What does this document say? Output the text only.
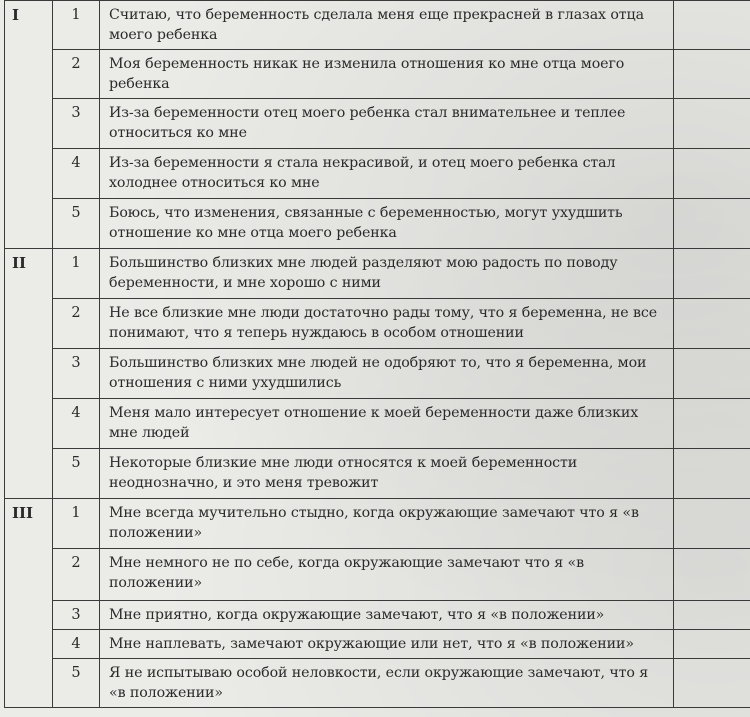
I	1	Считаю, что беременность сделала меня еще прекрасней в глазах отца моего ребенка	
	2	Моя беременность никак не изменила отношения ко мне отца моего ребенка	
	3	Из-за беременности отец моего ребенка стал внимательнее и теплее относиться ко мне	
	4	Из-за беременности я стала некрасивой, и отец моего ребенка стал холоднее относиться ко мне	
	5	Боюсь, что изменения, связанные с беременностью, могут ухудшить отношение ко мне отца моего ребенка	
II	1	Большинство близких мне людей разделяют мою радость по поводу беременности, и мне хорошо с ними	
	2	Не все близкие мне люди достаточно рады тому, что я беременна, не все понимают, что я теперь нуждаюсь в особом отношении	
	3	Большинство близких мне людей не одобряют то, что я беременна, мои отношения с ними ухудшились	
	4	Меня мало интересует отношение к моей беременности даже близких мне людей	
	5	Некоторые близкие мне люди относятся к моей беременности неоднозначно, и это меня тревожит	
III	1	Мне всегда мучительно стыдно, когда окружающие замечают что я «в положении»	
	2	Мне немного не по себе, когда окружающие замечают что я «в положении»	
	3	Мне приятно, когда окружающие замечают, что я «в положении»	
	4	Мне наплевать, замечают окружающие или нет, что я «в положении»	
	5	Я не испытываю особой неловкости, если окружающие замечают, что я «в положении»	
